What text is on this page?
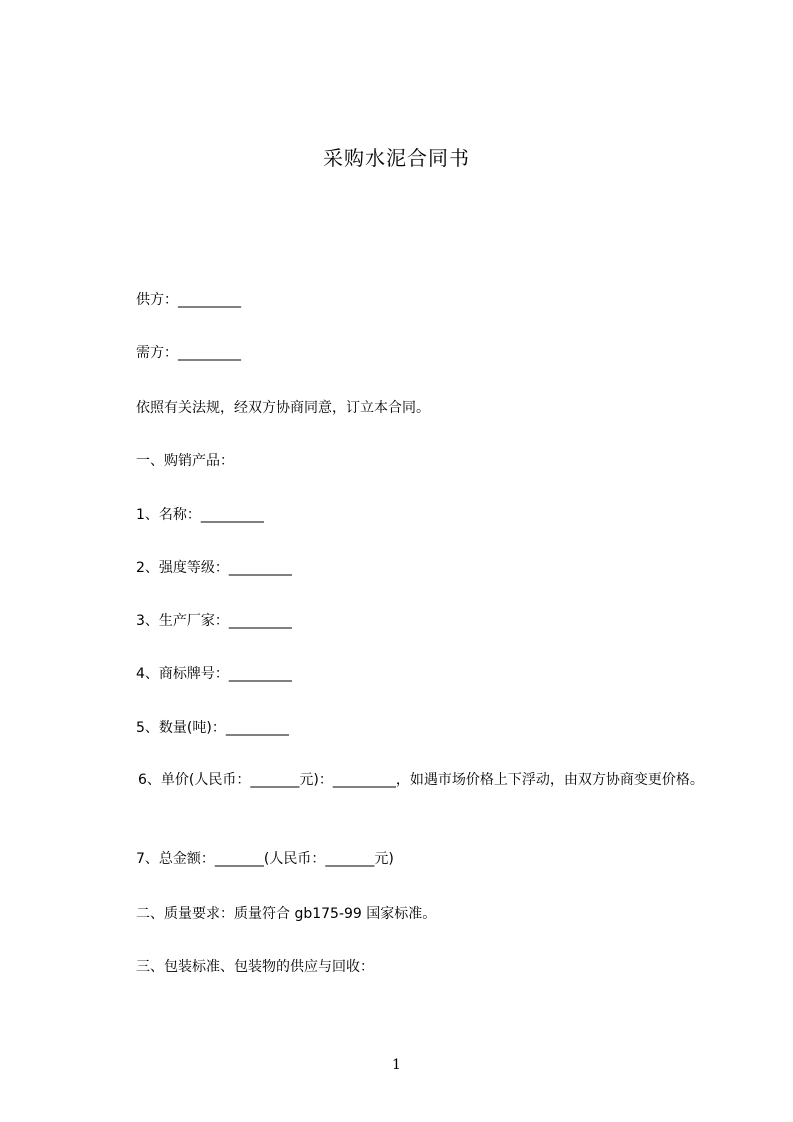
采购水泥合同书
供方：_________
需方：_________
依照有关法规，经双方协商同意，订立本合同。
一、购销产品：
1、名称：_________
2、强度等级：_________
3、生产厂家：_________
4、商标牌号：_________
5、数量(吨)：_________
6、单价(人民币：_______元)：_________，如遇市场价格上下浮动，由双方协商变更价格。
7、总金额：_______(人民币：_______元)
二、质量要求：质量符合 gb175-99 国家标准。
三、包装标准、包装物的供应与回收：
1
